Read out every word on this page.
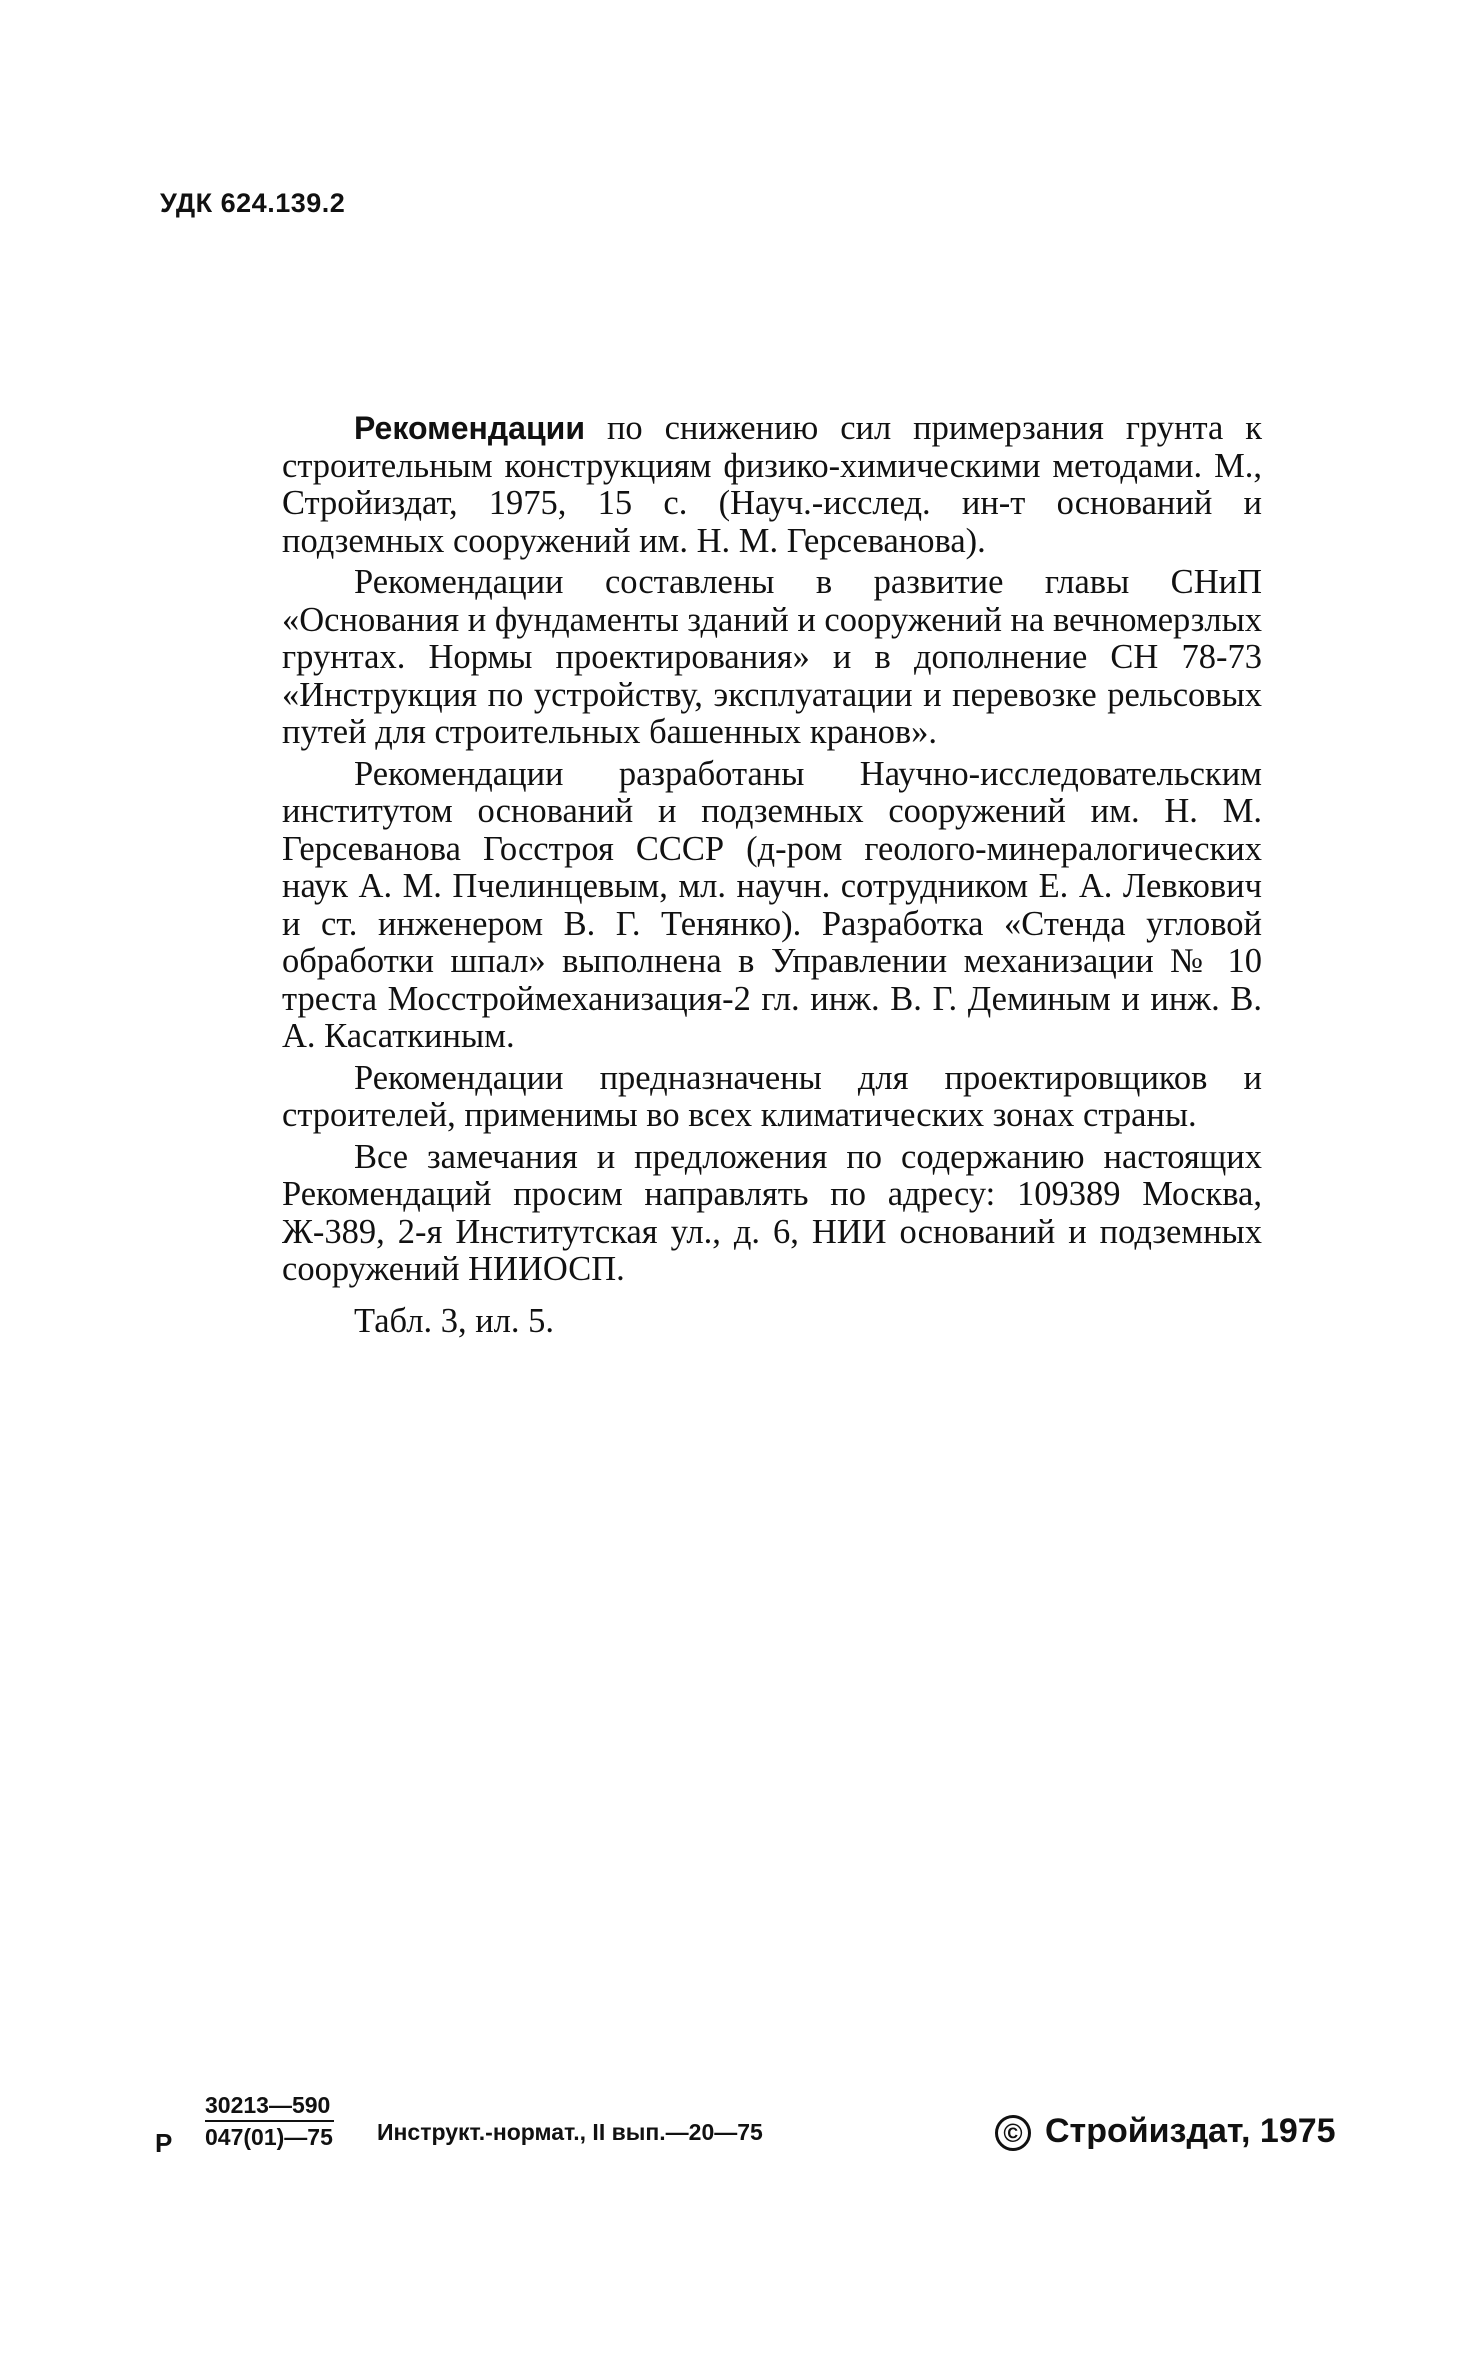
УДК 624.139.2

Рекомендации по снижению сил примерзания грунта к строительным конструкциям физико-химическими методами. М., Стройиздат, 1975, 15 с. (Науч.-исслед. ин-т оснований и подземных сооружений им. Н. М. Герсеванова).

Рекомендации составлены в развитие главы СНиП «Основания и фундаменты зданий и сооружений на вечномерзлых грунтах. Нормы проектирования» и в дополнение СН 78-73 «Инструкция по устройству, эксплуатации и перевозке рельсовых путей для строительных башенных кранов».

Рекомендации разработаны Научно-исследовательским институтом оснований и подземных сооружений им. Н. М. Герсеванова Госстроя СССР (д-ром геолого-минералогических наук А. М. Пчелинцевым, мл. научн. сотрудником Е. А. Левкович и ст. инженером В. Г. Тенянко). Разработка «Стенда угловой обработки шпал» выполнена в Управлении механизации № 10 треста Мосстроймеханизация-2 гл. инж. В. Г. Деминым и инж. В. А. Касаткиным.

Рекомендации предназначены для проектировщиков и строителей, применимы во всех климатических зонах страны.

Все замечания и предложения по содержанию настоящих Рекомендаций просим направлять по адресу: 109389 Москва, Ж-389, 2-я Институтская ул., д. 6, НИИ оснований и подземных сооружений НИИОСП.

Табл. 3, ил. 5.

Р $\frac{30213—590}{047(01)—75}$ Инструкт.-нормат., II вып.—20—75	© Стройиздат, 1975
